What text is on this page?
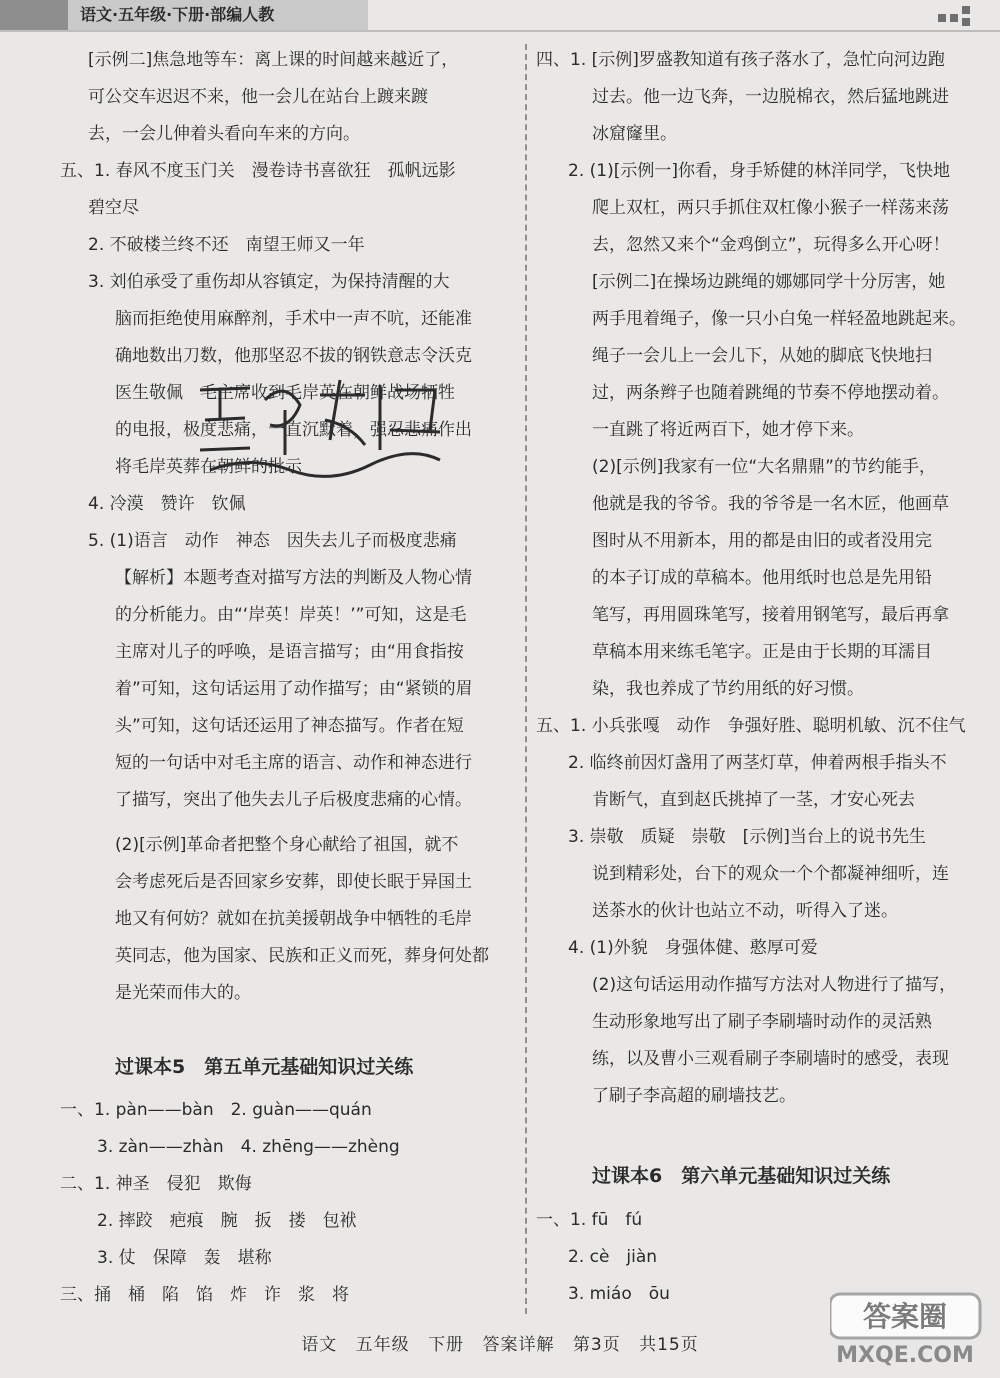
语文·五年级·下册·部编人教
[示例二]焦急地等车：离上课的时间越来越近了，
可公交车迟迟不来，他一会儿在站台上踱来踱
去，一会儿伸着头看向车来的方向。
五、1. 春风不度玉门关　漫卷诗书喜欲狂　孤帆远影
碧空尽
2. 不破楼兰终不还　南望王师又一年
3. 刘伯承受了重伤却从容镇定，为保持清醒的大
脑而拒绝使用麻醉剂，手术中一声不吭，还能准
确地数出刀数，他那坚忍不拔的钢铁意志令沃克
医生敬佩　毛主席收到毛岸英在朝鲜战场牺牲
的电报，极度悲痛，一直沉默着，强忍悲痛作出
将毛岸英葬在朝鲜的批示
4. 冷漠　赞许　钦佩
5. (1)语言　动作　神态　因失去儿子而极度悲痛
【解析】本题考查对描写方法的判断及人物心情
的分析能力。由“‘岸英！岸英！’”可知，这是毛
主席对儿子的呼唤，是语言描写；由“用食指按
着”可知，这句话运用了动作描写；由“紧锁的眉
头”可知，这句话还运用了神态描写。作者在短
短的一句话中对毛主席的语言、动作和神态进行
了描写，突出了他失去儿子后极度悲痛的心情。
(2)[示例]革命者把整个身心献给了祖国，就不
会考虑死后是否回家乡安葬，即使长眠于异国土
地又有何妨？就如在抗美援朝战争中牺牲的毛岸
英同志，他为国家、民族和正义而死，葬身何处都
是光荣而伟大的。
过课本5　第五单元基础知识过关练
一、1. pàn——bàn　2. guàn——quán
3. zàn——zhàn　4. zhēng——zhèng
二、1. 神圣　侵犯　欺侮
2. 摔跤　疤痕　腕　扳　搂　包袱
3. 仗　保障　轰　堪称
三、捅　桶　陷　馅　炸　诈　浆　将
四、1. [示例]罗盛教知道有孩子落水了，急忙向河边跑
过去。他一边飞奔，一边脱棉衣，然后猛地跳进
冰窟窿里。
2. (1)[示例一]你看，身手矫健的林洋同学，飞快地
爬上双杠，两只手抓住双杠像小猴子一样荡来荡
去，忽然又来个“金鸡倒立”，玩得多么开心呀！
[示例二]在操场边跳绳的娜娜同学十分厉害，她
两手甩着绳子，像一只小白兔一样轻盈地跳起来。
绳子一会儿上一会儿下，从她的脚底飞快地扫
过，两条辫子也随着跳绳的节奏不停地摆动着。
一直跳了将近两百下，她才停下来。
(2)[示例]我家有一位“大名鼎鼎”的节约能手，
他就是我的爷爷。我的爷爷是一名木匠，他画草
图时从不用新本，用的都是由旧的或者没用完
的本子订成的草稿本。他用纸时也总是先用铅
笔写，再用圆珠笔写，接着用钢笔写，最后再拿
草稿本用来练毛笔字。正是由于长期的耳濡目
染，我也养成了节约用纸的好习惯。
五、1. 小兵张嘎　动作　争强好胜、聪明机敏、沉不住气
2. 临终前因灯盏用了两茎灯草，伸着两根手指头不
肯断气，直到赵氏挑掉了一茎，才安心死去
3. 崇敬　质疑　崇敬　[示例]当台上的说书先生
说到精彩处，台下的观众一个个都凝神细听，连
送茶水的伙计也站立不动，听得入了迷。
4. (1)外貌　身强体健、憨厚可爱
(2)这句话运用动作描写方法对人物进行了描写，
生动形象地写出了刷子李刷墙时动作的灵活熟
练，以及曹小三观看刷子李刷墙时的感受，表现
了刷子李高超的刷墙技艺。
过课本6　第六单元基础知识过关练
一、1. fū　fú
2. cè　jiàn
3. miáo　ōu
语文 五年级 下册 答案详解 第3页 共15页
答案圈
MXQE.COM
